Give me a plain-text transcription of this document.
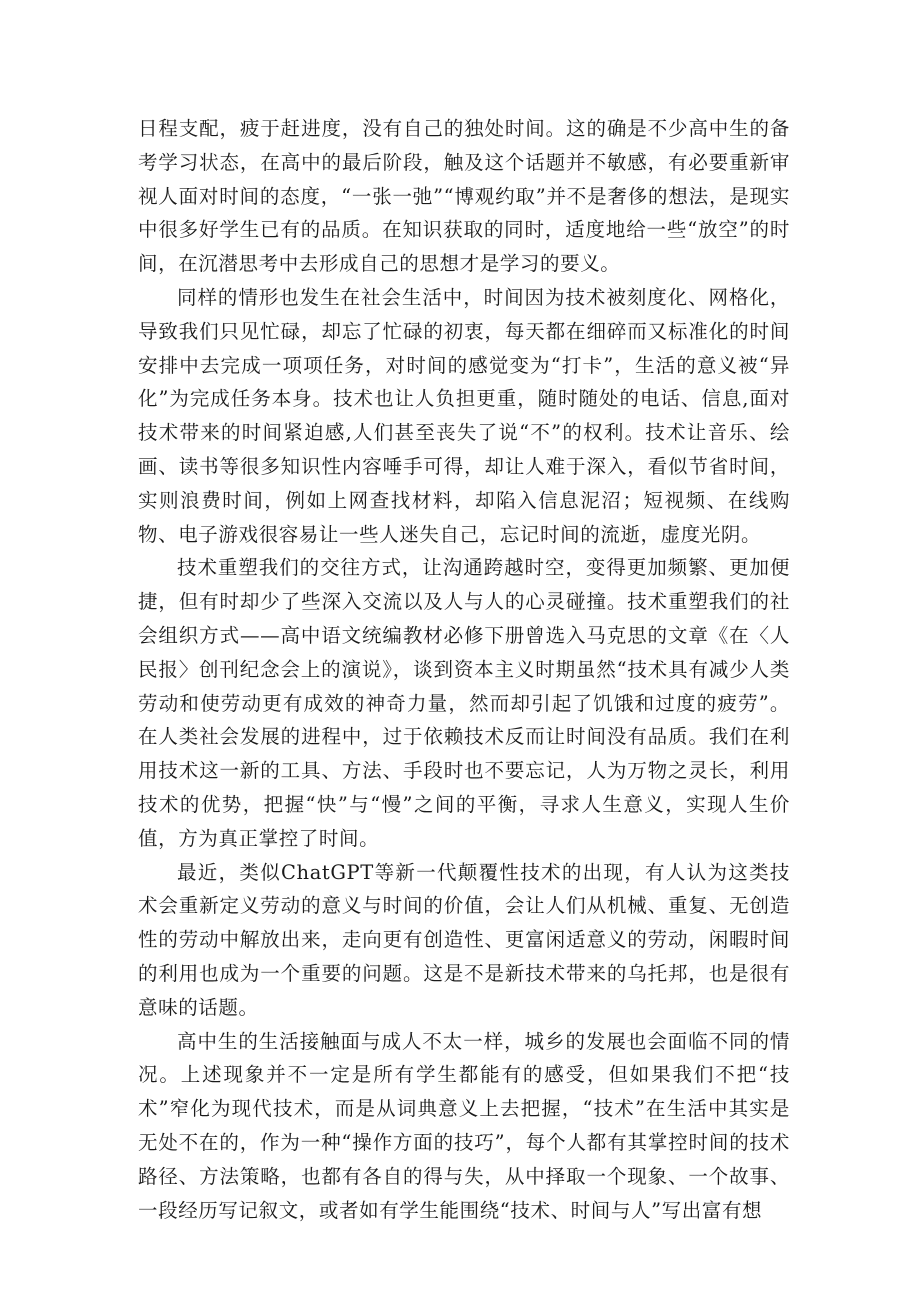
日程支配，疲于赶进度，没有自己的独处时间。这的确是不少高中生的备考学习状态，在高中的最后阶段，触及这个话题并不敏感，有必要重新审视人面对时间的态度，“一张一弛”“博观约取”并不是奢侈的想法，是现实中很多好学生已有的品质。在知识获取的同时，适度地给一些“放空”的时间，在沉潜思考中去形成自己的思想才是学习的要义。

同样的情形也发生在社会生活中，时间因为技术被刻度化、网格化，导致我们只见忙碌，却忘了忙碌的初衷，每天都在细碎而又标准化的时间安排中去完成一项项任务，对时间的感觉变为“打卡”，生活的意义被“异化”为完成任务本身。技术也让人负担更重，随时随处的电话、信息,面对技术带来的时间紧迫感,人们甚至丧失了说“不”的权利。技术让音乐、绘画、读书等很多知识性内容唾手可得，却让人难于深入，看似节省时间，实则浪费时间，例如上网查找材料，却陷入信息泥沼；短视频、在线购物、电子游戏很容易让一些人迷失自己，忘记时间的流逝，虚度光阴。

技术重塑我们的交往方式，让沟通跨越时空，变得更加频繁、更加便捷，但有时却少了些深入交流以及人与人的心灵碰撞。技术重塑我们的社会组织方式——高中语文统编教材必修下册曾选入马克思的文章《在〈人民报〉创刊纪念会上的演说》，谈到资本主义时期虽然“技术具有减少人类劳动和使劳动更有成效的神奇力量，然而却引起了饥饿和过度的疲劳”。在人类社会发展的进程中，过于依赖技术反而让时间没有品质。我们在利用技术这一新的工具、方法、手段时也不要忘记，人为万物之灵长，利用技术的优势，把握“快”与“慢”之间的平衡，寻求人生意义，实现人生价值，方为真正掌控了时间。

最近，类似ChatGPT等新一代颠覆性技术的出现，有人认为这类技术会重新定义劳动的意义与时间的价值，会让人们从机械、重复、无创造性的劳动中解放出来，走向更有创造性、更富闲适意义的劳动，闲暇时间的利用也成为一个重要的问题。这是不是新技术带来的乌托邦，也是很有意味的话题。

高中生的生活接触面与成人不太一样，城乡的发展也会面临不同的情况。上述现象并不一定是所有学生都能有的感受，但如果我们不把“技术”窄化为现代技术，而是从词典意义上去把握，“技术”在生活中其实是无处不在的，作为一种“操作方面的技巧”，每个人都有其掌控时间的技术路径、方法策略，也都有各自的得与失，从中择取一个现象、一个故事、一段经历写记叙文，或者如有学生能围绕“技术、时间与人”写出富有想
